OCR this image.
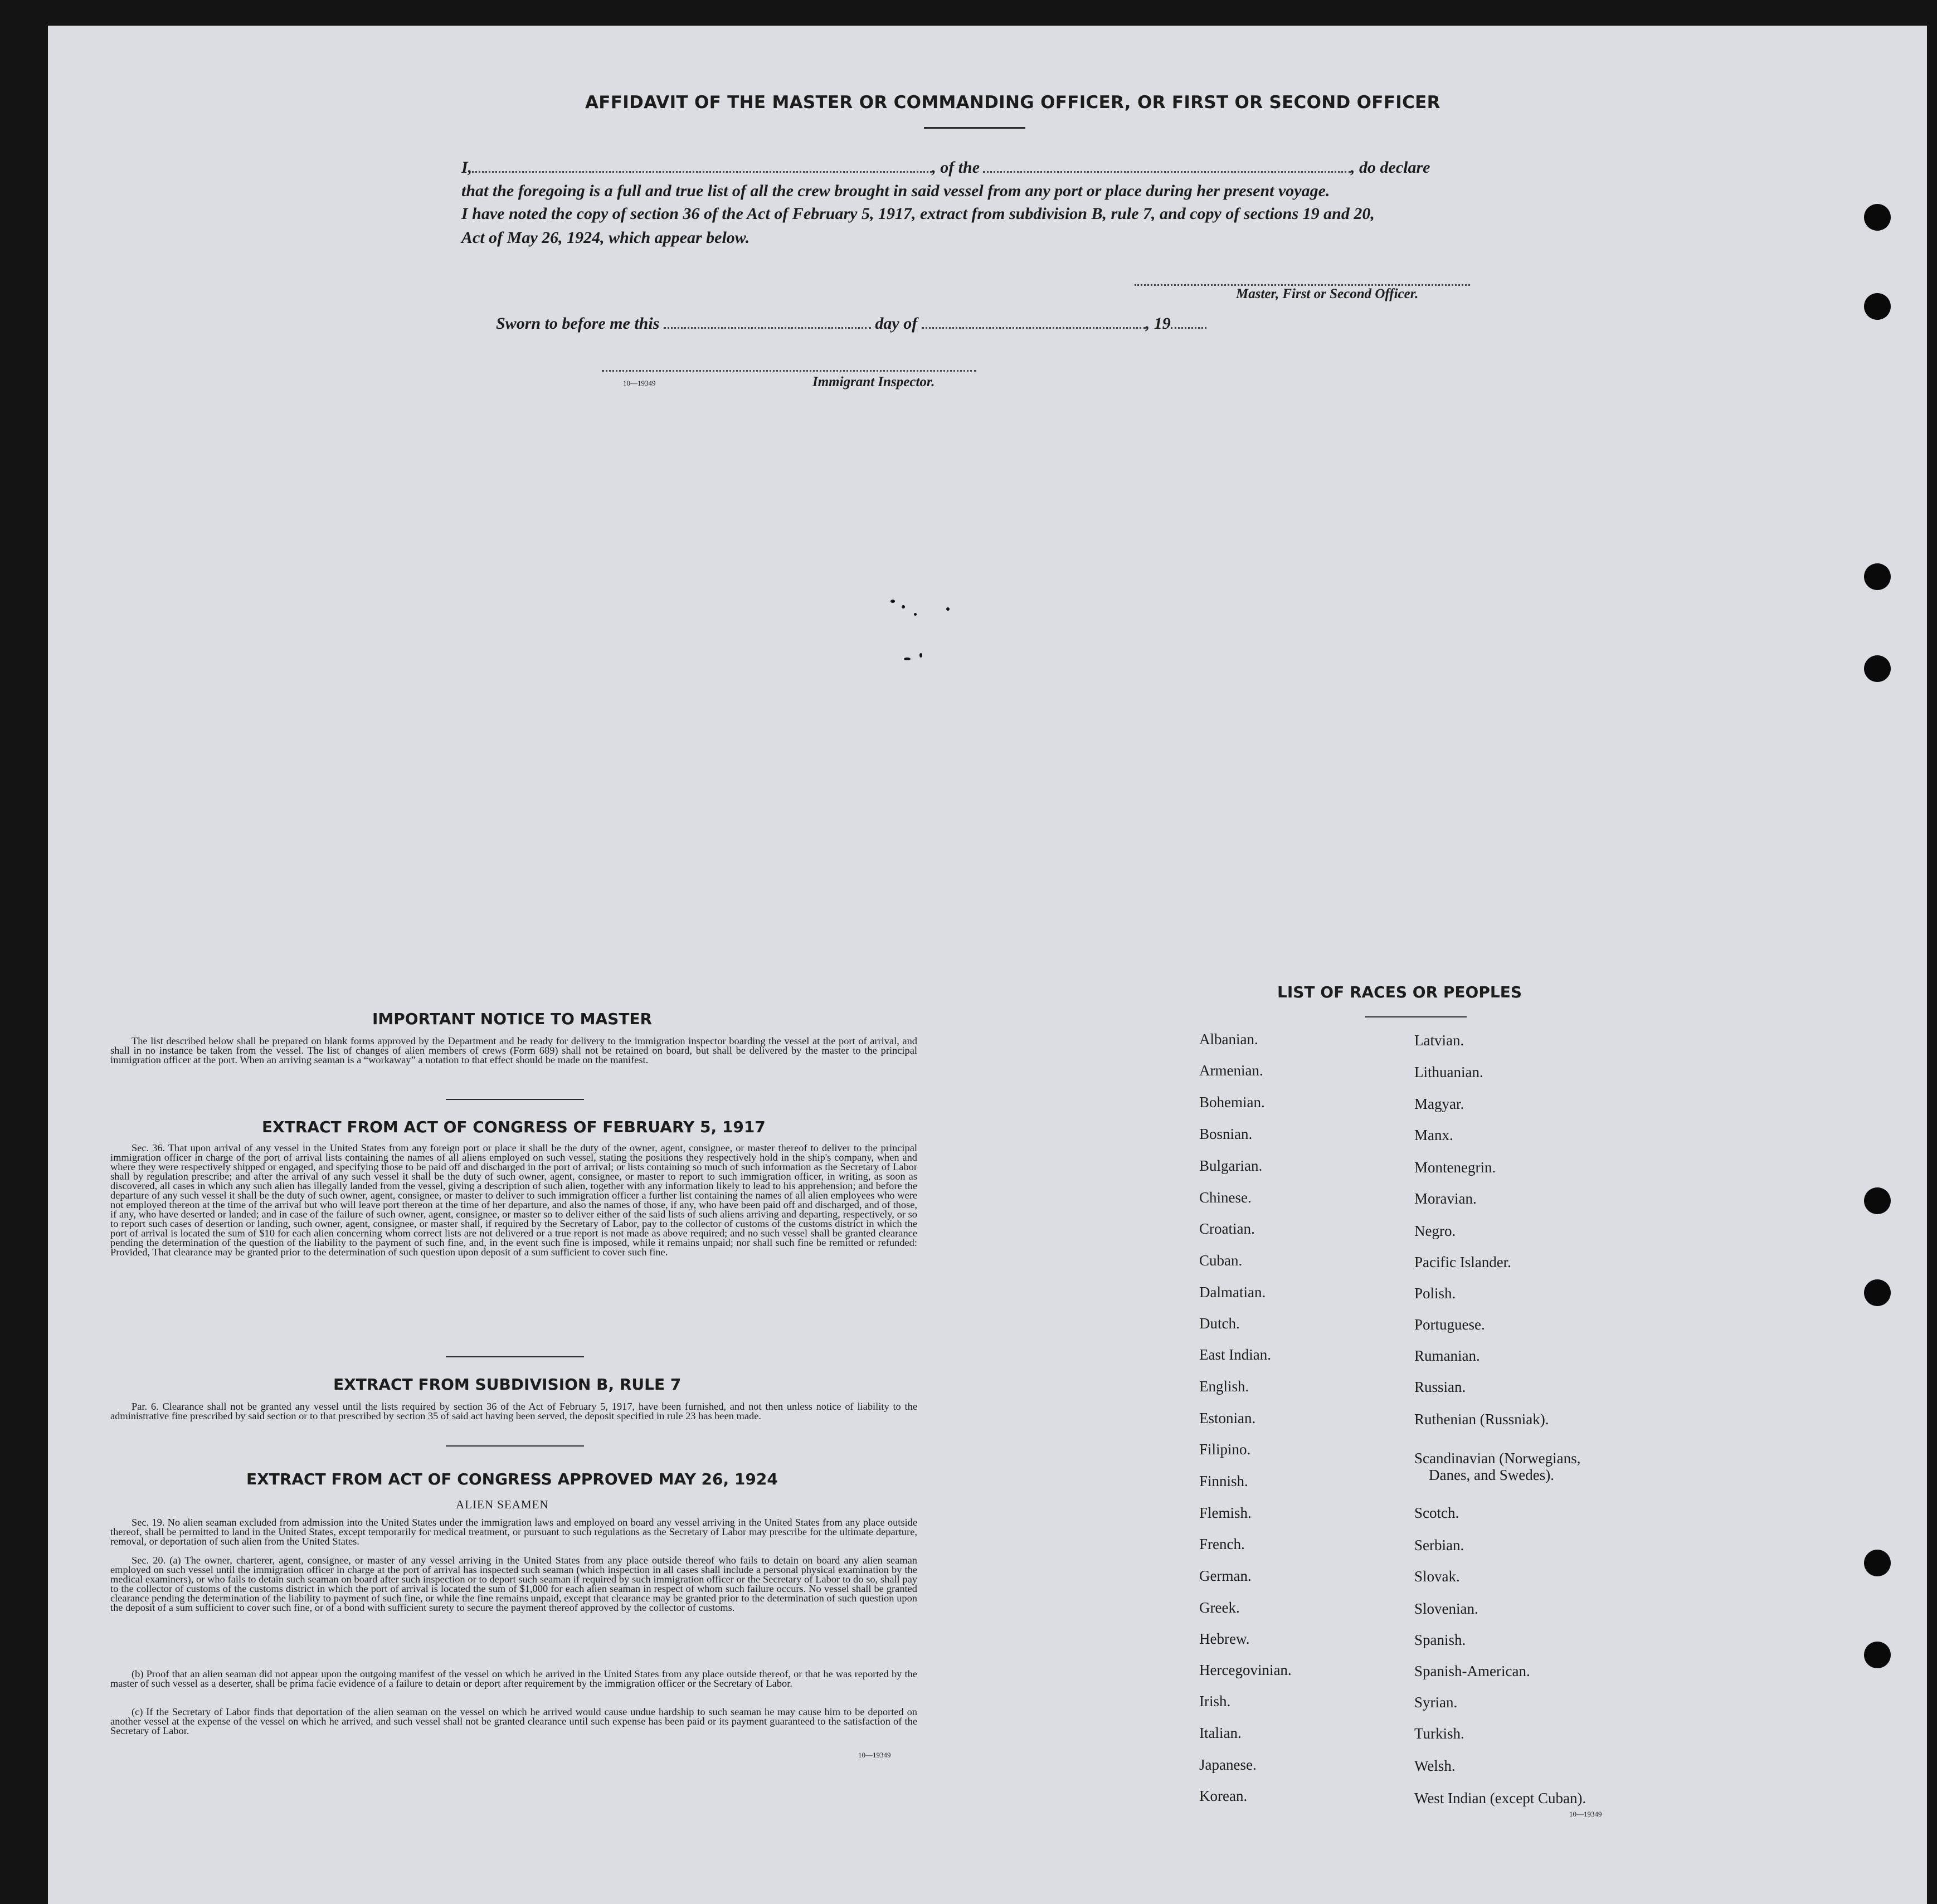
AFFIDAVIT OF THE MASTER OR COMMANDING OFFICER, OR FIRST OR SECOND OFFICER
I,	, of the	, do declare
that the foregoing is a full and true list of all the crew brought in said vessel from any port or place during her present voyage.
I have noted the copy of section 36 of the Act of February 5, 1917, extract from subdivision B, rule 7, and copy of sections 19 and 20,
Act of May 26, 1924, which appear below.
Master, First or Second Officer.
Sworn to before me this	day of	, 19
10—19349	Immigrant Inspector.
IMPORTANT NOTICE TO MASTER
The list described below shall be prepared on blank forms approved by the Department and be ready for delivery to the immigration inspector boarding the vessel at the port of arrival, and shall in no instance be taken from the vessel. The list of changes of alien members of crews (Form 689) shall not be retained on board, but shall be delivered by the master to the principal immigration officer at the port. When an arriving seaman is a “workaway” a notation to that effect should be made on the manifest.
EXTRACT FROM ACT OF CONGRESS OF FEBRUARY 5, 1917
Sec. 36. That upon arrival of any vessel in the United States from any foreign port or place it shall be the duty of the owner, agent, consignee, or master thereof to deliver to the principal immigration officer in charge of the port of arrival lists containing the names of all aliens employed on such vessel, stating the positions they respectively hold in the ship's company, when and where they were respectively shipped or engaged, and specifying those to be paid off and discharged in the port of arrival; or lists containing so much of such information as the Secretary of Labor shall by regulation prescribe; and after the arrival of any such vessel it shall be the duty of such owner, agent, consignee, or master to report to such immigration officer, in writing, as soon as discovered, all cases in which any such alien has illegally landed from the vessel, giving a description of such alien, together with any information likely to lead to his apprehension; and before the departure of any such vessel it shall be the duty of such owner, agent, consignee, or master to deliver to such immigration officer a further list containing the names of all alien employees who were not employed thereon at the time of the arrival but who will leave port thereon at the time of her departure, and also the names of those, if any, who have been paid off and discharged, and of those, if any, who have deserted or landed; and in case of the failure of such owner, agent, consignee, or master so to deliver either of the said lists of such aliens arriving and departing, respectively, or so to report such cases of desertion or landing, such owner, agent, consignee, or master shall, if required by the Secretary of Labor, pay to the collector of customs of the customs district in which the port of arrival is located the sum of $10 for each alien concerning whom correct lists are not delivered or a true report is not made as above required; and no such vessel shall be granted clearance pending the determination of the question of the liability to the payment of such fine, and, in the event such fine is imposed, while it remains unpaid; nor shall such fine be remitted or refunded: Provided, That clearance may be granted prior to the determination of such question upon deposit of a sum sufficient to cover such fine.
EXTRACT FROM SUBDIVISION B, RULE 7
Par. 6. Clearance shall not be granted any vessel until the lists required by section 36 of the Act of February 5, 1917, have been furnished, and not then unless notice of liability to the administrative fine prescribed by said section or to that prescribed by section 35 of said act having been served, the deposit specified in rule 23 has been made.
EXTRACT FROM ACT OF CONGRESS APPROVED MAY 26, 1924
ALIEN SEAMEN
Sec. 19. No alien seaman excluded from admission into the United States under the immigration laws and employed on board any vessel arriving in the United States from any place outside thereof, shall be permitted to land in the United States, except temporarily for medical treatment, or pursuant to such regulations as the Secretary of Labor may prescribe for the ultimate departure, removal, or deportation of such alien from the United States.
Sec. 20. (a) The owner, charterer, agent, consignee, or master of any vessel arriving in the United States from any place outside thereof who fails to detain on board any alien seaman employed on such vessel until the immigration officer in charge at the port of arrival has inspected such seaman (which inspection in all cases shall include a personal physical examination by the medical examiners), or who fails to detain such seaman on board after such inspection or to deport such seaman if required by such immigration officer or the Secretary of Labor to do so, shall pay to the collector of customs of the customs district in which the port of arrival is located the sum of $1,000 for each alien seaman in respect of whom such failure occurs. No vessel shall be granted clearance pending the determination of the liability to payment of such fine, or while the fine remains unpaid, except that clearance may be granted prior to the determination of such question upon the deposit of a sum sufficient to cover such fine, or of a bond with sufficient surety to secure the payment thereof approved by the collector of customs.
(b) Proof that an alien seaman did not appear upon the outgoing manifest of the vessel on which he arrived in the United States from any place outside thereof, or that he was reported by the master of such vessel as a deserter, shall be prima facie evidence of a failure to detain or deport after requirement by the immigration officer or the Secretary of Labor.
(c) If the Secretary of Labor finds that deportation of the alien seaman on the vessel on which he arrived would cause undue hardship to such seaman he may cause him to be deported on another vessel at the expense of the vessel on which he arrived, and such vessel shall not be granted clearance until such expense has been paid or its payment guaranteed to the satisfaction of the Secretary of Labor.
10—19349
LIST OF RACES OR PEOPLES
Albanian.
Armenian.
Bohemian.
Bosnian.
Bulgarian.
Chinese.
Croatian.
Cuban.
Dalmatian.
Dutch.
East Indian.
English.
Estonian.
Filipino.
Finnish.
Flemish.
French.
German.
Greek.
Hebrew.
Hercegovinian.
Irish.
Italian.
Japanese.
Korean.
Latvian.
Lithuanian.
Magyar.
Manx.
Montenegrin.
Moravian.
Negro.
Pacific Islander.
Polish.
Portuguese.
Rumanian.
Russian.
Ruthenian (Russniak).
Scandinavian (Norwegians,
Danes, and Swedes).
Scotch.
Serbian.
Slovak.
Slovenian.
Spanish.
Spanish-American.
Syrian.
Turkish.
Welsh.
West Indian (except Cuban).
10—19349
